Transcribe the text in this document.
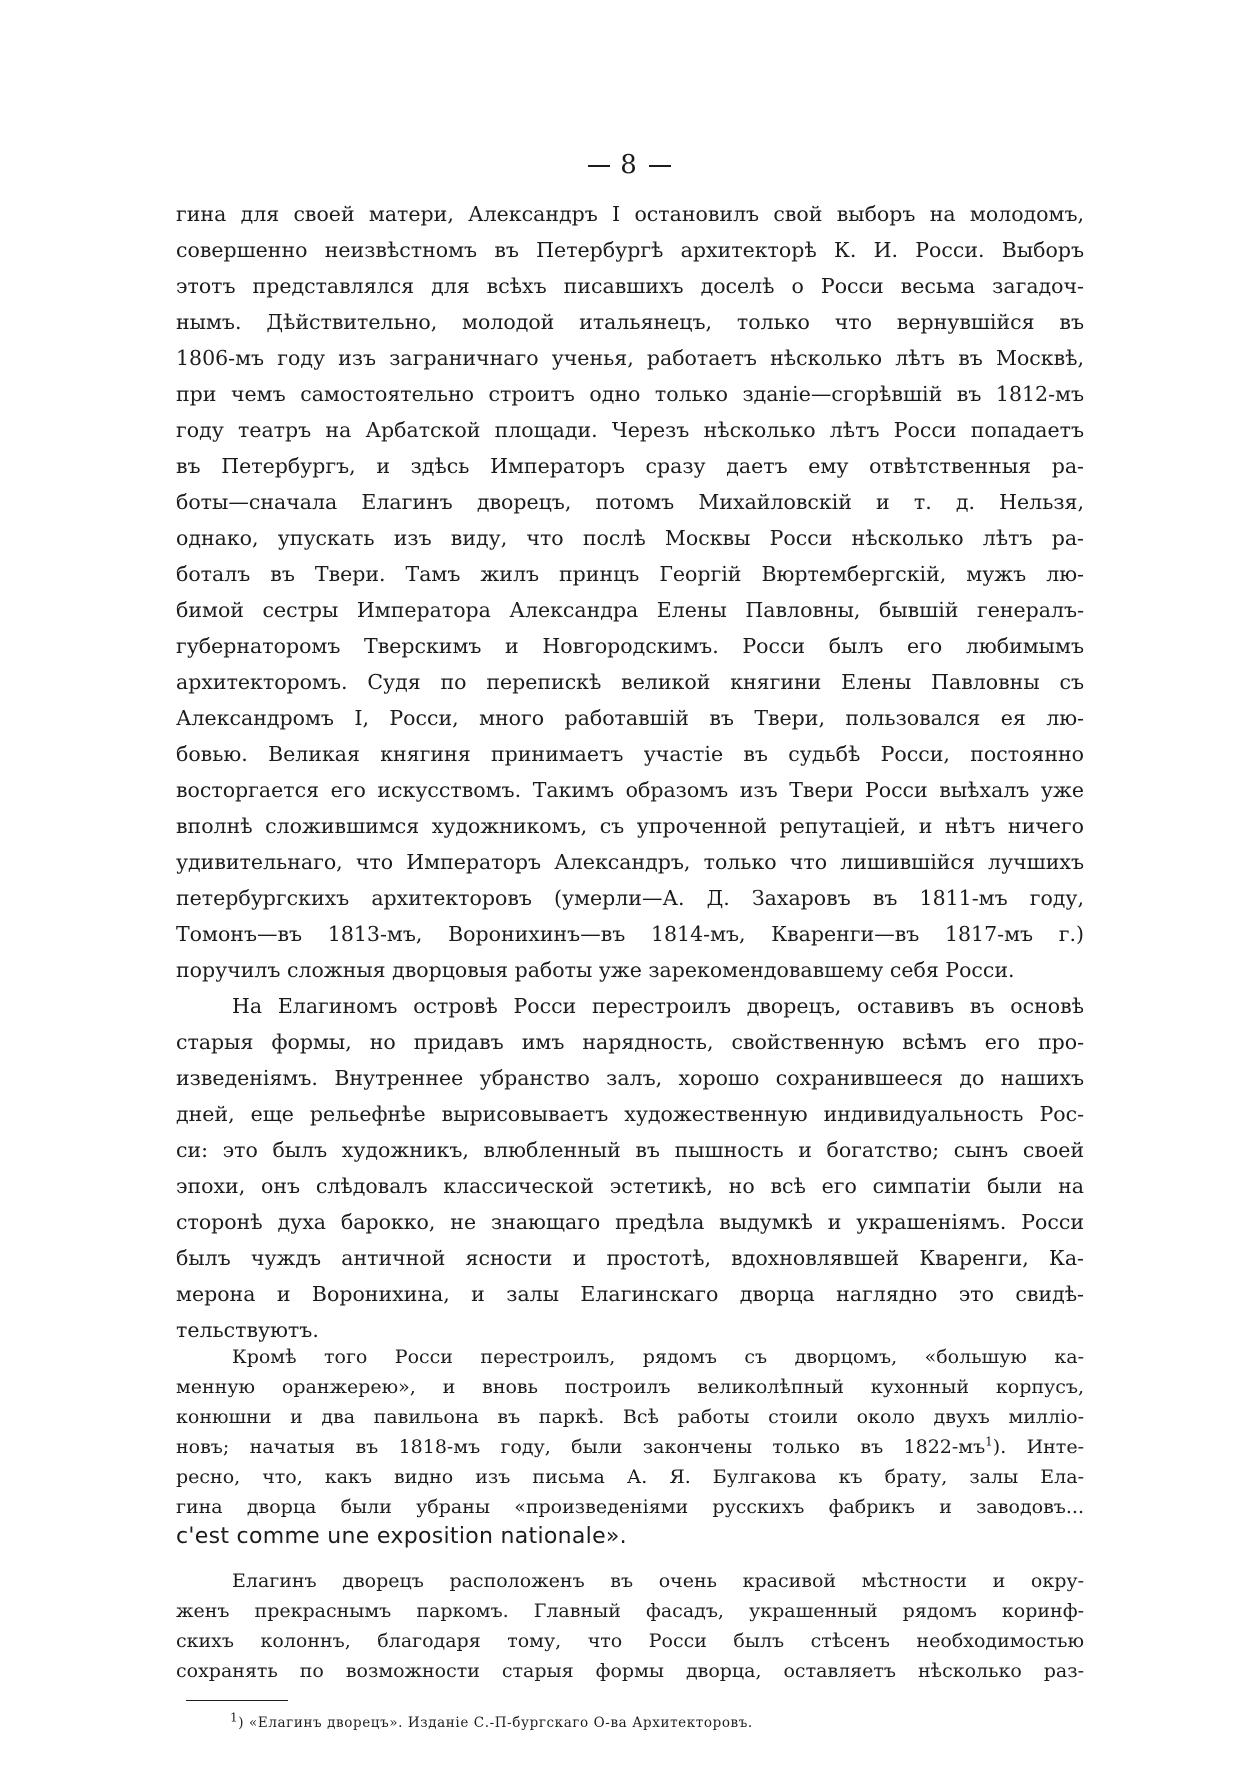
8
гина для своей матери, Александръ I остановилъ свой выборъ на молодомъ,
совершенно неизвѣстномъ въ Петербургѣ архитекторѣ К. И. Росси. Выборъ
этотъ представлялся для всѣхъ писавшихъ доселѣ о Росси весьма загадоч-
нымъ. Дѣйствительно, молодой итальянецъ, только что вернувшійся въ
1806-мъ году изъ заграничнаго ученья, работаетъ нѣсколько лѣтъ въ Москвѣ,
при чемъ самостоятельно строитъ одно только зданіе—сгорѣвшій въ 1812-мъ
году театръ на Арбатской площади. Черезъ нѣсколько лѣтъ Росси попадаетъ
въ Петербургъ, и здѣсь Императоръ сразу даетъ ему отвѣтственныя ра-
боты—сначала Елагинъ дворецъ, потомъ Михайловскій и т. д. Нельзя,
однако, упускать изъ виду, что послѣ Москвы Росси нѣсколько лѣтъ ра-
боталъ въ Твери. Тамъ жилъ принцъ Георгій Вюртембергскій, мужъ лю-
бимой сестры Императора Александра Елены Павловны, бывшій генералъ-
губернаторомъ Тверскимъ и Новгородскимъ. Росси былъ его любимымъ
архитекторомъ. Судя по перепискѣ великой княгини Елены Павловны съ
Александромъ I, Росси, много работавшій въ Твери, пользовался ея лю-
бовью. Великая княгиня принимаетъ участіе въ судьбѣ Росси, постоянно
восторгается его искусствомъ. Такимъ образомъ изъ Твери Росси выѣхалъ уже
вполнѣ сложившимся художникомъ, съ упроченной репутаціей, и нѣтъ ничего
удивительнаго, что Императоръ Александръ, только что лишившійся лучшихъ
петербургскихъ архитекторовъ (умерли—А. Д. Захаровъ въ 1811-мъ году,
Томонъ—въ 1813-мъ, Воронихинъ—въ 1814-мъ, Кваренги—въ 1817-мъ г.)
поручилъ сложныя дворцовыя работы уже зарекомендовавшему себя Росси.
На Елагиномъ островѣ Росси перестроилъ дворецъ, оставивъ въ основѣ
старыя формы, но придавъ имъ нарядность, свойственную всѣмъ его про-
изведеніямъ. Внутреннее убранство залъ, хорошо сохранившееся до нашихъ
дней, еще рельефнѣе вырисовываетъ художественную индивидуальность Рос-
си: это былъ художникъ, влюбленный въ пышность и богатство; сынъ своей
эпохи, онъ слѣдовалъ классической эстетикѣ, но всѣ его симпатіи были на
сторонѣ духа барокко, не знающаго предѣла выдумкѣ и украшеніямъ. Росси
былъ чуждъ античной ясности и простотѣ, вдохновлявшей Кваренги, Ка-
мерона и Воронихина, и залы Елагинскаго дворца наглядно это свидѣ-
тельствуютъ.
Кромѣ того Росси перестроилъ, рядомъ съ дворцомъ, «большую ка-
менную оранжерею», и вновь построилъ великолѣпный кухонный корпусъ,
конюшни и два павильона въ паркѣ. Всѣ работы стоили около двухъ милліо-
новъ; начатыя въ 1818-мъ году, были закончены только въ $1822-мъ^1$). Инте-
$^1$) «Елагинъ дворецъ». Изданіе С.-П-бургскаго О-ва Архитекторовъ.
ресно, что, какъ видно изъ письма А. Я. Булгакова къ брату, залы Ела-
гина дворца были убраны «произведеніями русскихъ фабрикъ и заводовъ...
c'est comme une exposition nationale».
Елагинъ дворецъ расположенъ въ очень красивой мѣстности и окру-
женъ прекраснымъ паркомъ. Главный фасадъ, украшенный рядомъ коринф-
скихъ колоннъ, благодаря тому, что Росси былъ стѣсенъ необходимостью
сохранять по возможности старыя формы дворца, оставляетъ нѣсколько раз-
